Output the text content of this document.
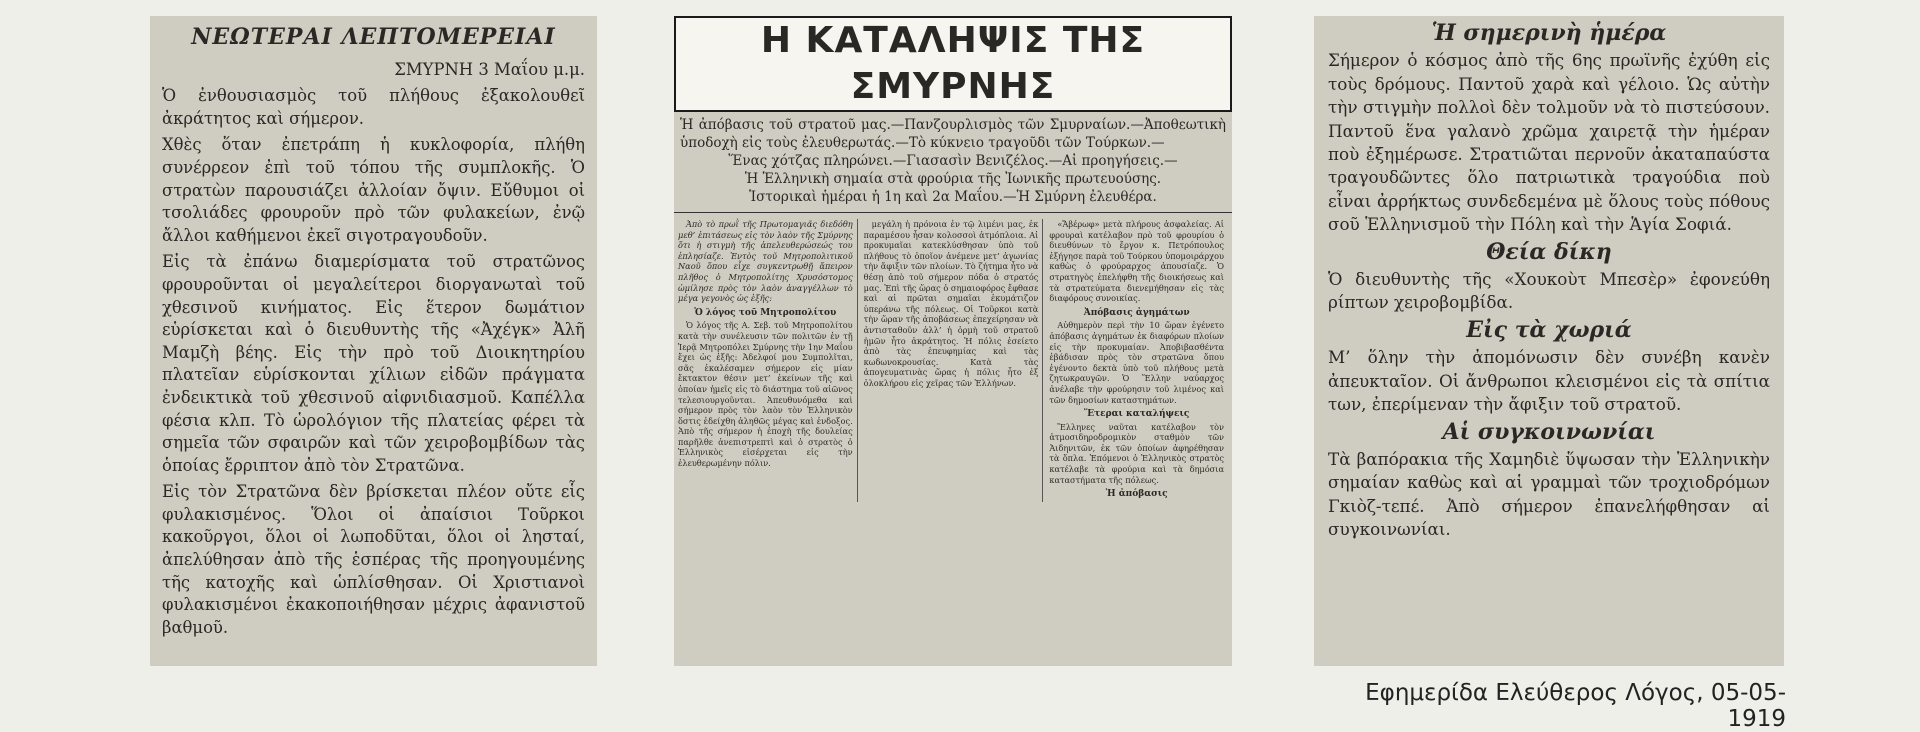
ΝΕΩΤΕΡΑΙ ΛΕΠΤΟΜΕΡΕΙΑΙ
ΣΜΥΡΝΗ 3 Μαΐου μ.μ.
Ὁ ἐνθουσιασμὸς τοῦ πλήθους ἐξακολουθεῖ ἀκράτητος καὶ σήμερον.
Χθὲς ὅταν ἐπετράπη ἡ κυκλοφορία, πλήθη συνέρρεον ἐπὶ τοῦ τόπου τῆς συμπλοκῆς. Ὁ στρατὼν παρουσιάζει ἀλλοίαν ὄψιν. Εὔθυμοι οἱ τσολιάδες φρουροῦν πρὸ τῶν φυλακείων, ἐνῷ ἄλλοι καθήμενοι ἐκεῖ σιγοτραγουδοῦν.
Εἰς τὰ ἐπάνω διαμερίσματα τοῦ στρατῶνος φρουροῦνται οἱ μεγαλείτεροι διοργανωταὶ τοῦ χθεσινοῦ κινήματος. Εἰς ἕτερον δωμάτιον εὑρίσκεται καὶ ὁ διευθυντὴς τῆς «Ἀχέγκ» Ἀλῆ Μαμζὴ βέης. Εἰς τὴν πρὸ τοῦ Διοικητηρίου πλατεῖαν εὑρίσκονται χίλιων εἰδῶν πράγματα ἐνδεικτικὰ τοῦ χθεσινοῦ αἰφνιδιασμοῦ. Καπέλλα φέσια κλπ. Τὸ ὡρολόγιον τῆς πλατείας φέρει τὰ σημεῖα τῶν σφαιρῶν καὶ τῶν χειροβομβίδων τὰς ὁποίας ἔρριπτον ἀπὸ τὸν Στρατῶνα.
Εἰς τὸν Στρατῶνα δὲν βρίσκεται πλέον οὔτε εἷς φυλακισμένος. Ὅλοι οἱ ἀπαίσιοι Τοῦρκοι κακοῦργοι, ὅλοι οἱ λωποδῦται, ὅλοι οἱ λησταί, ἀπελύθησαν ἀπὸ τῆς ἑσπέρας τῆς προηγουμένης τῆς κατοχῆς καὶ ὡπλίσθησαν. Οἱ Χριστιανοὶ φυλακισμένοι ἐκακοποιήθησαν μέχρις ἀφανιστοῦ βαθμοῦ.
Η ΚΑΤΑΛΗΨΙΣ ΤΗΣ ΣΜΥΡΝΗΣ
Ἡ ἀπόβασις τοῦ στρατοῦ μας.—Πανζουρλισμὸς τῶν Σμυρναίων.—Ἀποθεωτικὴ ὑποδοχὴ εἰς τοὺς ἐλευθερωτάς.—Τὸ κύκνειο τραγοῦδι τῶν Τούρκων.—
Ἕνας χότζας πληρώνει.—Γιασασὶν Βενιζέλος.—Αἱ προηγήσεις.—
Ἡ Ἑλληνικὴ σημαία στὰ φρούρια τῆς Ἰωνικῆς πρωτευούσης.
Ἱστορικαὶ ἡμέραι ἡ 1η καὶ 2α Μαΐου.—Ἡ Σμύρνη ἐλευθέρα.
Ἀπὸ τὸ πρωῒ τῆς Πρωτομαγιᾶς διεδόθη μεθ’ ἐπιτάσεως εἰς τὸν λαὸν τῆς Σμύρνης ὅτι ἡ στιγμὴ τῆς ἀπελευθερώσεώς του ἐπλησίαζε. Ἐντὸς τοῦ Μητροπολιτικοῦ Ναοῦ ὅπου εἶχε συγκεντρωθῇ ἄπειρον πλῆθος ὁ Μητροπολίτης Χρυσόστομος ὡμίλησε πρὸς τὸν λαὸν ἀναγγέλλων τὸ μέγα γεγονὸς ὡς ἑξῆς:
Ὁ λόγος τοῦ Μητροπολίτου
Ὁ λόγος τῆς Α. Σεβ. τοῦ Μητροπολίτου κατὰ τὴν συνέλευσιν τῶν πολιτῶν ἐν τῇ Ἱερᾷ Μητροπόλει Σμύρνης τὴν 1ην Μαΐου ἔχει ὡς ἑξῆς: Ἀδελφοί μου Συμπολῖται, σᾶς ἐκαλέσαμεν σήμερον εἰς μίαν ἔκτακτον θέσιν μετ’ ἐκείνων τῆς καὶ ὁποίαν ἡμεῖς εἰς τὸ διάστημα τοῦ αἰῶνος τελεσιουργοῦνται. Ἀπευθυνόμεθα καὶ σήμερον πρὸς τὸν λαὸν τὸν Ἑλληνικὸν ὅστις ἐδείχθη ἀληθῶς μέγας καὶ ἐνδοξος. Ἀπὸ τῆς σήμερον ἡ ἐποχὴ τῆς δουλείας παρῆλθε ἀνεπιστρεπτὶ καὶ ὁ στρατὸς ὁ Ἑλληνικὸς εἰσέρχεται εἰς τὴν ἐλευθερωμένην πόλιν.
μεγάλη ἡ πρόνοια ἐν τῷ λιμένι μας, ἐκ παραμέσου ἦσαν κολοσσοὶ ἀτμόπλοια. Αἱ προκυμαῖαι κατεκλύσθησαν ὑπὸ τοῦ πλήθους τὸ ὁποῖον ἀνέμενε μετ’ ἀγωνίας τὴν ἄφιξιν τῶν πλοίων. Τὸ ζήτημα ἦτο νὰ θέσῃ ἀπὸ τοῦ σήμερον πόδα ὁ στρατός μας. Ἐπὶ τῆς ὥρας ὁ σημαιοφόρος ἔφθασε καὶ αἱ πρῶται σημαῖαι ἐκυμάτιζον ὑπεράνω τῆς πόλεως. Οἱ Τοῦρκοι κατὰ τὴν ὥραν τῆς ἀποβάσεως ἐπεχείρησαν νὰ ἀντισταθοῦν ἀλλ’ ἡ ὁρμὴ τοῦ στρατοῦ ἡμῶν ἦτο ἀκράτητος. Ἡ πόλις ἐσείετο ἀπὸ τὰς ἐπευφημίας καὶ τὰς κωδωνοκρουσίας. Κατὰ τὰς ἀπογευματινὰς ὥρας ἡ πόλις ἦτο ἐξ ὁλοκλήρου εἰς χεῖρας τῶν Ἑλλήνων.
«Ἄβέρωφ» μετὰ πλήρους ἀσφαλείας. Αἱ φρουραὶ κατέλαβον πρὸ τοῦ φρουρίου ὁ διευθύνων τὸ ἔργον κ. Πετρόπουλος ἐξήγησε παρὰ τοῦ Τούρκου ὑπομοιράρχου καθὼς ὁ φρούραρχος ἀπουσίαζε. Ὁ στρατηγὸς ἐπελήφθη τῆς διοικήσεως καὶ τὰ στρατεύματα διενεμήθησαν εἰς τὰς διαφόρους συνοικίας.
Ἀπόβασις ἀγημάτων
Αὐθημερὸν περὶ τὴν 10 ὥραν ἐγένετο ἀπόβασις ἀγημάτων ἐκ διαφόρων πλοίων εἰς τὴν προκυμαίαν. Ἀποβιβασθέντα ἐβάδισαν πρὸς τὸν στρατῶνα ὅπου ἐγένοντο δεκτὰ ὑπὸ τοῦ πλήθους μετὰ ζητωκραυγῶν. Ὁ Ἕλλην ναύαρχος ἀνέλαβε τὴν φρούρησιν τοῦ λιμένος καὶ τῶν δημοσίων καταστημάτων.
Ἕτεραι καταλήψεις
Ἕλληνες ναῦται κατέλαβον τὸν ἀτμοσιδηροδρομικὸν σταθμὸν τῶν Ἀιδηνιτῶν, ἐκ τῶν ὁποίων ἀφηρέθησαν τὰ ὅπλα. Ἑπόμενοι ὁ Ἑλληνικὸς στρατὸς κατέλαβε τὰ φρούρια καὶ τὰ δημόσια καταστήματα τῆς πόλεως.
Ἡ ἀπόβασις
Ἡ σημερινὴ ἡμέρα
Σήμερον ὁ κόσμος ἀπὸ τῆς 6ης πρωϊνῆς ἐχύθη εἰς τοὺς δρόμους. Παντοῦ χαρὰ καὶ γέλοιο. Ὡς αὐτὴν τὴν στιγμὴν πολλοὶ δὲν τολμοῦν νὰ τὸ πιστεύσουν. Παντοῦ ἕνα γαλανὸ χρῶμα χαιρετᾷ τὴν ἡμέραν ποὺ ἐξημέρωσε. Στρατιῶται περνοῦν ἀκαταπαύστα τραγουδῶντες ὅλο πατριωτικὰ τραγούδια ποὺ εἶναι ἀρρήκτως συνδεδεμένα μὲ ὅλους τοὺς πόθους σοῦ Ἑλληνισμοῦ τὴν Πόλη καὶ τὴν Ἁγία Σοφιά.
Θεία δίκη
Ὁ διευθυντὴς τῆς «Χουκοὺτ Μπεσὲρ» ἐφονεύθη ρίπτων χειροβομβίδα.
Εἰς τὰ χωριά
Μ’ ὅλην τὴν ἀπομόνωσιν δὲν συνέβη κανὲν ἀπευκταῖον. Οἱ ἄνθρωποι κλεισμένοι εἰς τὰ σπίτια των, ἐπερίμεναν τὴν ἄφιξιν τοῦ στρατοῦ.
Αἱ συγκοινωνίαι
Τὰ βαπόρακια τῆς Χαμηδιὲ ὕψωσαν τὴν Ἑλληνικὴν σημαίαν καθὼς καὶ αἱ γραμμαὶ τῶν τροχιοδρόμων Γκιὸζ-τεπέ. Ἀπὸ σήμερον ἐπανελήφθησαν αἱ συγκοινωνίαι.
Εφημερίδα Ελεύθερος Λόγος, 05-05-1919
